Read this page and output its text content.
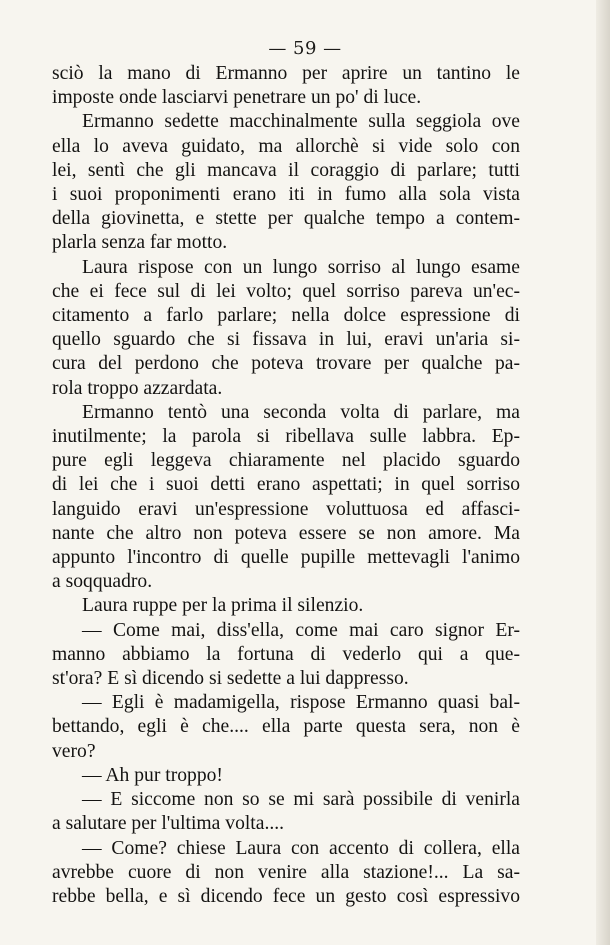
— 59 —
sciò la mano di Ermanno per aprire un tantino le
imposte onde lasciarvi penetrare un po' di luce.
Ermanno sedette macchinalmente sulla seggiola ove
ella lo aveva guidato, ma allorchè si vide solo con
lei, sentì che gli mancava il coraggio di parlare; tutti
i suoi proponimenti erano iti in fumo alla sola vista
della giovinetta, e stette per qualche tempo a contem-
plarla senza far motto.
Laura rispose con un lungo sorriso al lungo esame
che ei fece sul di lei volto; quel sorriso pareva un'ec-
citamento a farlo parlare; nella dolce espressione di
quello sguardo che si fissava in lui, eravi un'aria si-
cura del perdono che poteva trovare per qualche pa-
rola troppo azzardata.
Ermanno tentò una seconda volta di parlare, ma
inutilmente; la parola si ribellava sulle labbra. Ep-
pure egli leggeva chiaramente nel placido sguardo
di lei che i suoi detti erano aspettati; in quel sorriso
languido eravi un'espressione voluttuosa ed affasci-
nante che altro non poteva essere se non amore. Ma
appunto l'incontro di quelle pupille mettevagli l'animo
a soqquadro.
Laura ruppe per la prima il silenzio.
— Come mai, diss'ella, come mai caro signor Er-
manno abbiamo la fortuna di vederlo qui a que-
st'ora? E sì dicendo si sedette a lui dappresso.
— Egli è madamigella, rispose Ermanno quasi bal-
bettando, egli è che.... ella parte questa sera, non è
vero?
— Ah pur troppo!
— E siccome non so se mi sarà possibile di venirla
a salutare per l'ultima volta....
— Come? chiese Laura con accento di collera, ella
avrebbe cuore di non venire alla stazione!... La sa-
rebbe bella, e sì dicendo fece un gesto così espressivo
